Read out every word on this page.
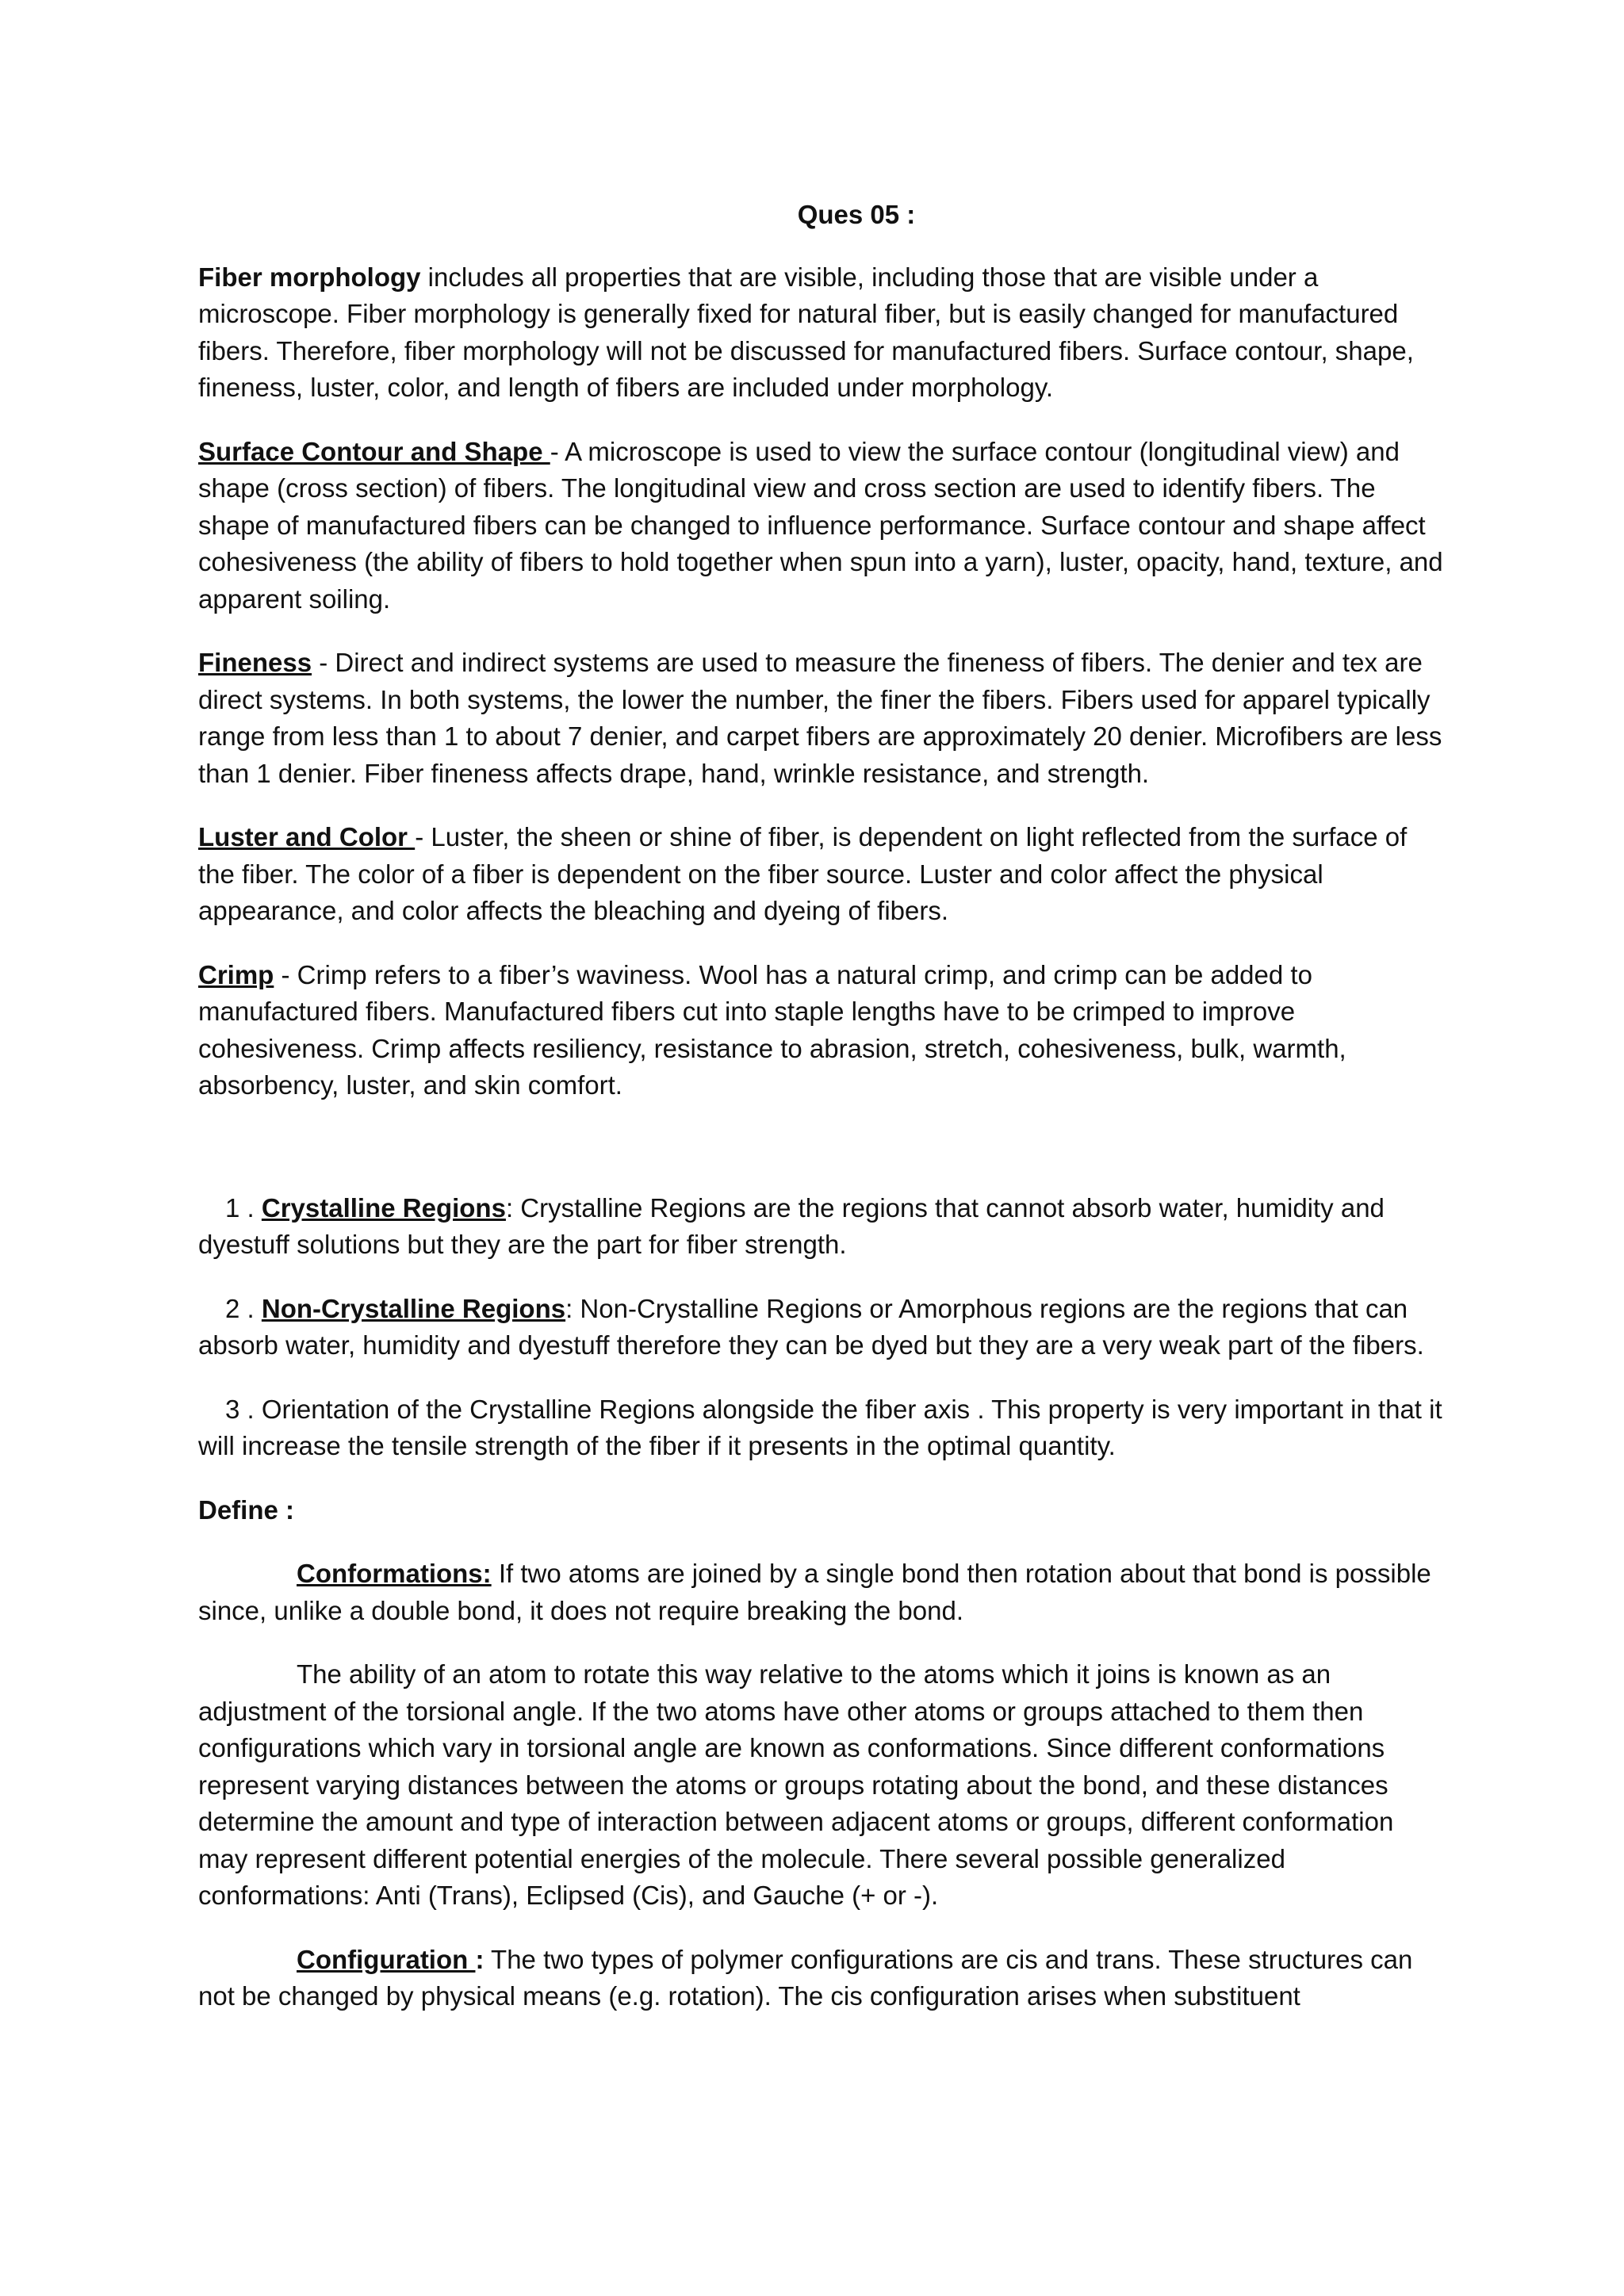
Ques 05 :

Fiber morphology includes all properties that are visible, including those that are visible under a microscope. Fiber morphology is generally fixed for natural fiber, but is easily changed for manufactured fibers. Therefore, fiber morphology will not be discussed for manufactured fibers. Surface contour, shape, fineness, luster, color, and length of fibers are included under morphology.

Surface Contour and Shape - A microscope is used to view the surface contour (longitudinal view) and shape (cross section) of fibers. The longitudinal view and cross section are used to identify fibers. The shape of manufactured fibers can be changed to influence performance. Surface contour and shape affect cohesiveness (the ability of fibers to hold together when spun into a yarn), luster, opacity, hand, texture, and apparent soiling.

Fineness - Direct and indirect systems are used to measure the fineness of fibers. The denier and tex are direct systems. In both systems, the lower the number, the finer the fibers. Fibers used for apparel typically range from less than 1 to about 7 denier, and carpet fibers are approximately 20 denier. Microfibers are less than 1 denier. Fiber fineness affects drape, hand, wrinkle resistance, and strength.

Luster and Color - Luster, the sheen or shine of fiber, is dependent on light reflected from the surface of the fiber. The color of a fiber is dependent on the fiber source. Luster and color affect the physical appearance, and color affects the bleaching and dyeing of fibers.

Crimp - Crimp refers to a fiber’s waviness. Wool has a natural crimp, and crimp can be added to manufactured fibers. Manufactured fibers cut into staple lengths have to be crimped to improve cohesiveness. Crimp affects resiliency, resistance to abrasion, stretch, cohesiveness, bulk, warmth, absorbency, luster, and skin comfort.

1 . Crystalline Regions: Crystalline Regions are the regions that cannot absorb water, humidity and dyestuff solutions but they are the part for fiber strength.

2 . Non-Crystalline Regions: Non-Crystalline Regions or Amorphous regions are the regions that can absorb water, humidity and dyestuff therefore they can be dyed but they are a very weak part of the fibers.

3 . Orientation of the Crystalline Regions alongside the fiber axis . This property is very important in that it will increase the tensile strength of the fiber if it presents in the optimal quantity.

Define :

Conformations: If two atoms are joined by a single bond then rotation about that bond is possible since, unlike a double bond, it does not require breaking the bond.

The ability of an atom to rotate this way relative to the atoms which it joins is known as an adjustment of the torsional angle. If the two atoms have other atoms or groups attached to them then configurations which vary in torsional angle are known as conformations. Since different conformations represent varying distances between the atoms or groups rotating about the bond, and these distances determine the amount and type of interaction between adjacent atoms or groups, different conformation may represent different potential energies of the molecule. There several possible generalized conformations: Anti (Trans), Eclipsed (Cis), and Gauche (+ or -).

Configuration : The two types of polymer configurations are cis and trans. These structures can not be changed by physical means (e.g. rotation). The cis configuration arises when substituent
